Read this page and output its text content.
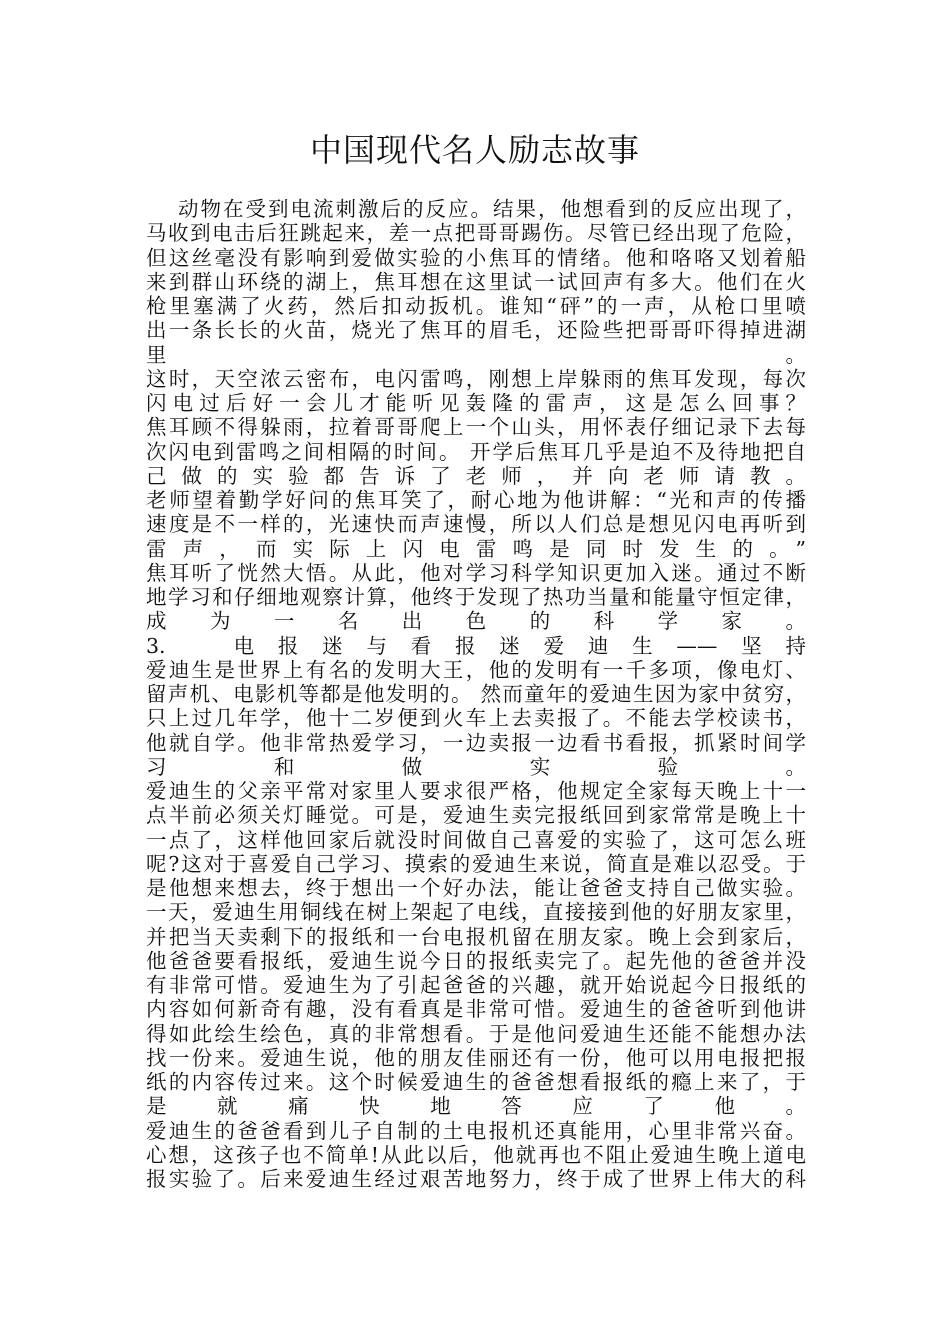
中国现代名人励志故事
动物在受到电流刺激后的反应。结果，他想看到的反应出现了，
马收到电击后狂跳起来，差一点把哥哥踢伤。尽管已经出现了危险，
但这丝毫没有影响到爱做实验的小焦耳的情绪。他和咯咯又划着船
来到群山环绕的湖上，焦耳想在这里试一试回声有多大。他们在火
枪里塞满了火药，然后扣动扳机。谁知“砰”的一声，从枪口里喷
出一条长长的火苗，烧光了焦耳的眉毛，还险些把哥哥吓得掉进湖
里　　　　　　　　　　　　　　　　　　　　　　　　　　　。
这时，天空浓云密布，电闪雷鸣，刚想上岸躲雨的焦耳发现，每次
闪电过后好一会儿才能听见轰隆的雷声，这是怎么回事？
焦耳顾不得躲雨，拉着哥哥爬上一个山头，用怀表仔细记录下去每
次闪电到雷鸣之间相隔的时间。 开学后焦耳几乎是迫不及待地把自
己做的实验都告诉了老师，并向老师请教。
老师望着勤学好问的焦耳笑了，耐心地为他讲解：“光和声的传播
速度是不一样的，光速快而声速慢，所以人们总是想见闪电再听到
雷声，而实际上闪电雷鸣是同时发生的。”
焦耳听了恍然大悟。从此，他对学习科学知识更加入迷。通过不断
地学习和仔细地观察计算，他终于发现了热功当量和能量守恒定律，
成为一名出色的科学家。
3.　电报迷与看报迷爱迪生——坚持
爱迪生是世界上有名的发明大王，他的发明有一千多项，像电灯、
留声机、电影机等都是他发明的。 然而童年的爱迪生因为家中贫穷，
只上过几年学，他十二岁便到火车上去卖报了。不能去学校读书，
他就自学。他非常热爱学习，一边卖报一边看书看报，抓紧时间学
习和做实验。
爱迪生的父亲平常对家里人要求很严格，他规定全家每天晚上十一
点半前必须关灯睡觉。可是，爱迪生卖完报纸回到家常常是晚上十
一点了，这样他回家后就没时间做自己喜爱的实验了，这可怎么班
呢?这对于喜爱自己学习、摸索的爱迪生来说，简直是难以忍受。于
是他想来想去，终于想出一个好办法，能让爸爸支持自己做实验。
一天，爱迪生用铜线在树上架起了电线，直接接到他的好朋友家里，
并把当天卖剩下的报纸和一台电报机留在朋友家。晚上会到家后，
他爸爸要看报纸，爱迪生说今日的报纸卖完了。起先他的爸爸并没
有非常可惜。爱迪生为了引起爸爸的兴趣，就开始说起今日报纸的
内容如何新奇有趣，没有看真是非常可惜。爱迪生的爸爸听到他讲
得如此绘生绘色，真的非常想看。于是他问爱迪生还能不能想办法
找一份来。爱迪生说，他的朋友佳丽还有一份，他可以用电报把报
纸的内容传过来。这个时候爱迪生的爸爸想看报纸的瘾上来了，于
是就痛快地答应了他。
爱迪生的爸爸看到儿子自制的土电报机还真能用，心里非常兴奋。
心想，这孩子也不简单!从此以后，他就再也不阻止爱迪生晚上道电
报实验了。后来爱迪生经过艰苦地努力，终于成了世界上伟大的科
